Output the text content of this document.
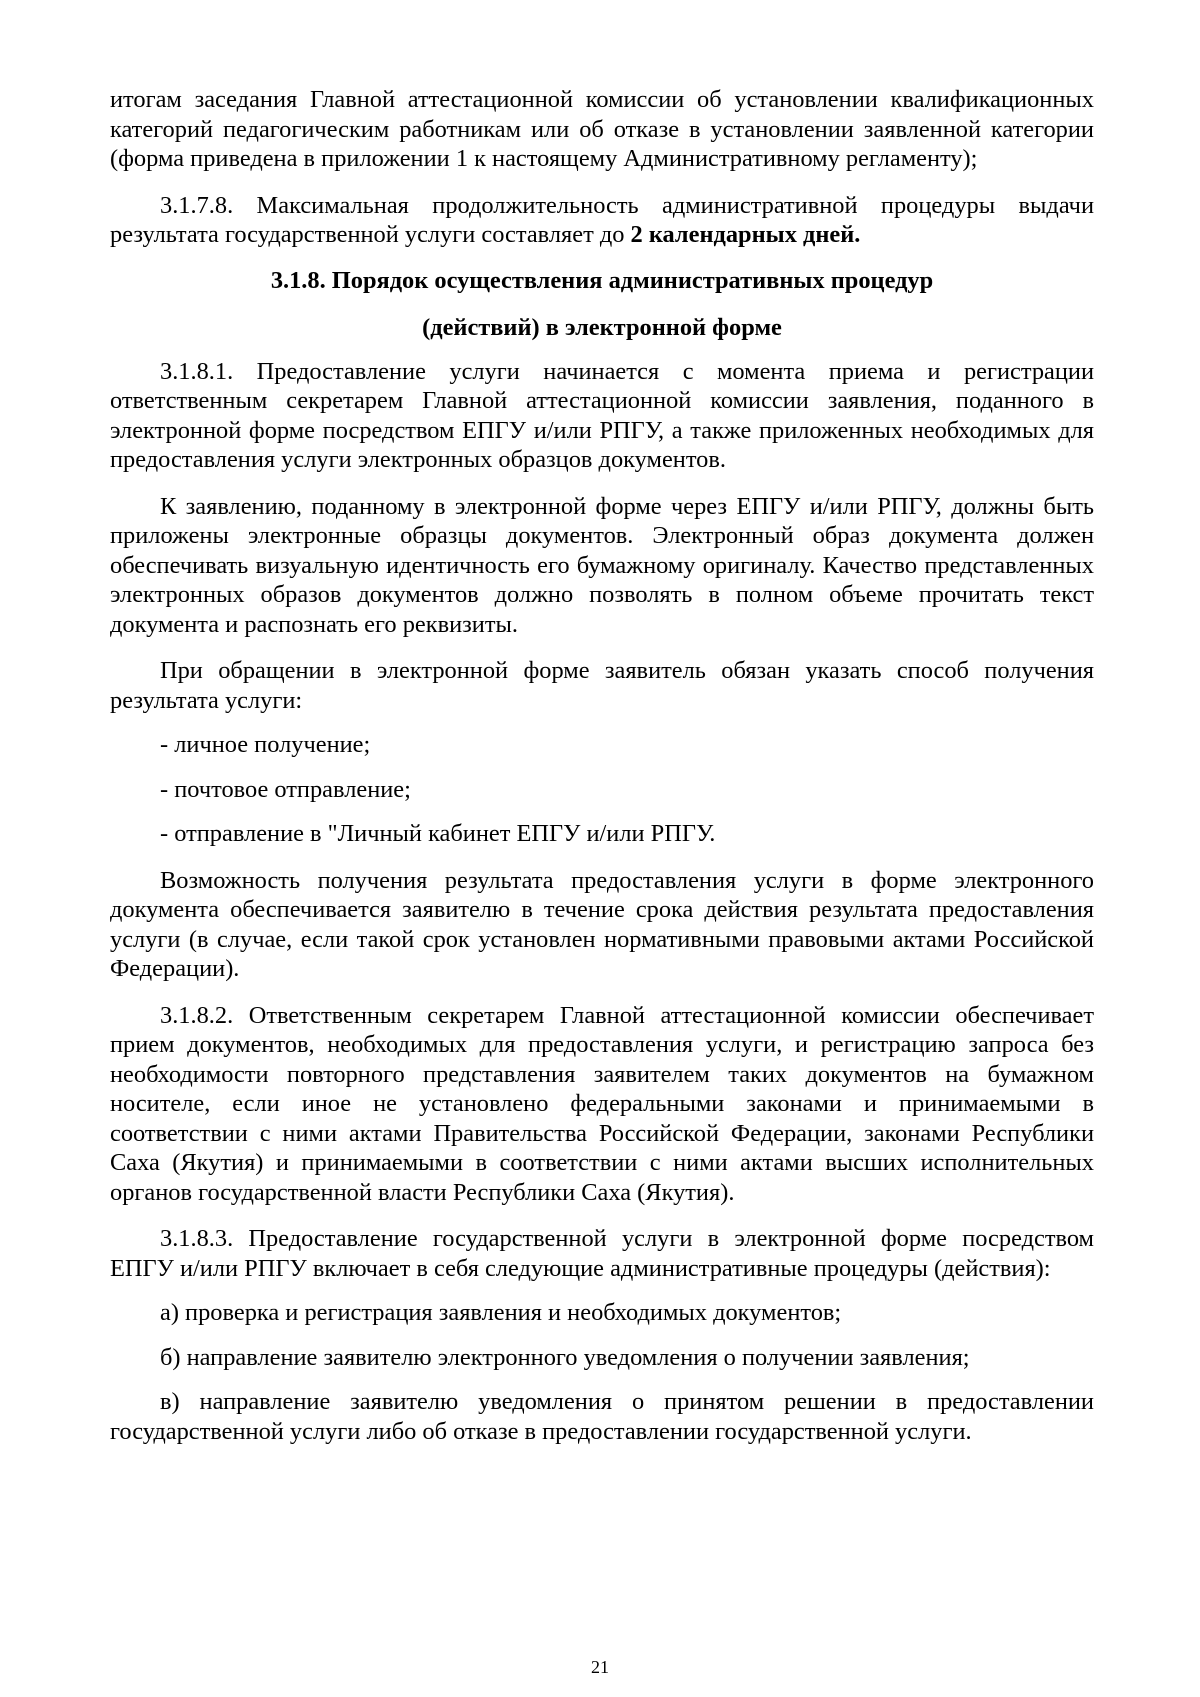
итогам заседания Главной аттестационной комиссии об установлении квалификационных категорий педагогическим работникам или об отказе в установлении заявленной категории (форма приведена в приложении 1 к настоящему Административному регламенту);

3.1.7.8. Максимальная продолжительность административной процедуры выдачи результата государственной услуги составляет до 2 календарных дней.

3.1.8. Порядок осуществления административных процедур

(действий) в электронной форме

3.1.8.1. Предоставление услуги начинается с момента приема и регистрации ответственным секретарем Главной аттестационной комиссии заявления, поданного в электронной форме посредством ЕПГУ и/или РПГУ, а также приложенных необходимых для предоставления услуги электронных образцов документов.

К заявлению, поданному в электронной форме через ЕПГУ и/или РПГУ, должны быть приложены электронные образцы документов. Электронный образ документа должен обеспечивать визуальную идентичность его бумажному оригиналу. Качество представленных электронных образов документов должно позволять в полном объеме прочитать текст документа и распознать его реквизиты.

При обращении в электронной форме заявитель обязан указать способ получения результата услуги:

- личное получение;

- почтовое отправление;

- отправление в "Личный кабинет ЕПГУ и/или РПГУ.

Возможность получения результата предоставления услуги в форме электронного документа обеспечивается заявителю в течение срока действия результата предоставления услуги (в случае, если такой срок установлен нормативными правовыми актами Российской Федерации).

3.1.8.2. Ответственным секретарем Главной аттестационной комиссии обеспечивает прием документов, необходимых для предоставления услуги, и регистрацию запроса без необходимости повторного представления заявителем таких документов на бумажном носителе, если иное не установлено федеральными законами и принимаемыми в соответствии с ними актами Правительства Российской Федерации, законами Республики Саха (Якутия) и принимаемыми в соответствии с ними актами высших исполнительных органов государственной власти Республики Саха (Якутия).

3.1.8.3. Предоставление государственной услуги в электронной форме посредством ЕПГУ и/или РПГУ включает в себя следующие административные процедуры (действия):

а) проверка и регистрация заявления и необходимых документов;

б) направление заявителю электронного уведомления о получении заявления;

в) направление заявителю уведомления о принятом решении в предоставлении государственной услуги либо об отказе в предоставлении государственной услуги.

21
